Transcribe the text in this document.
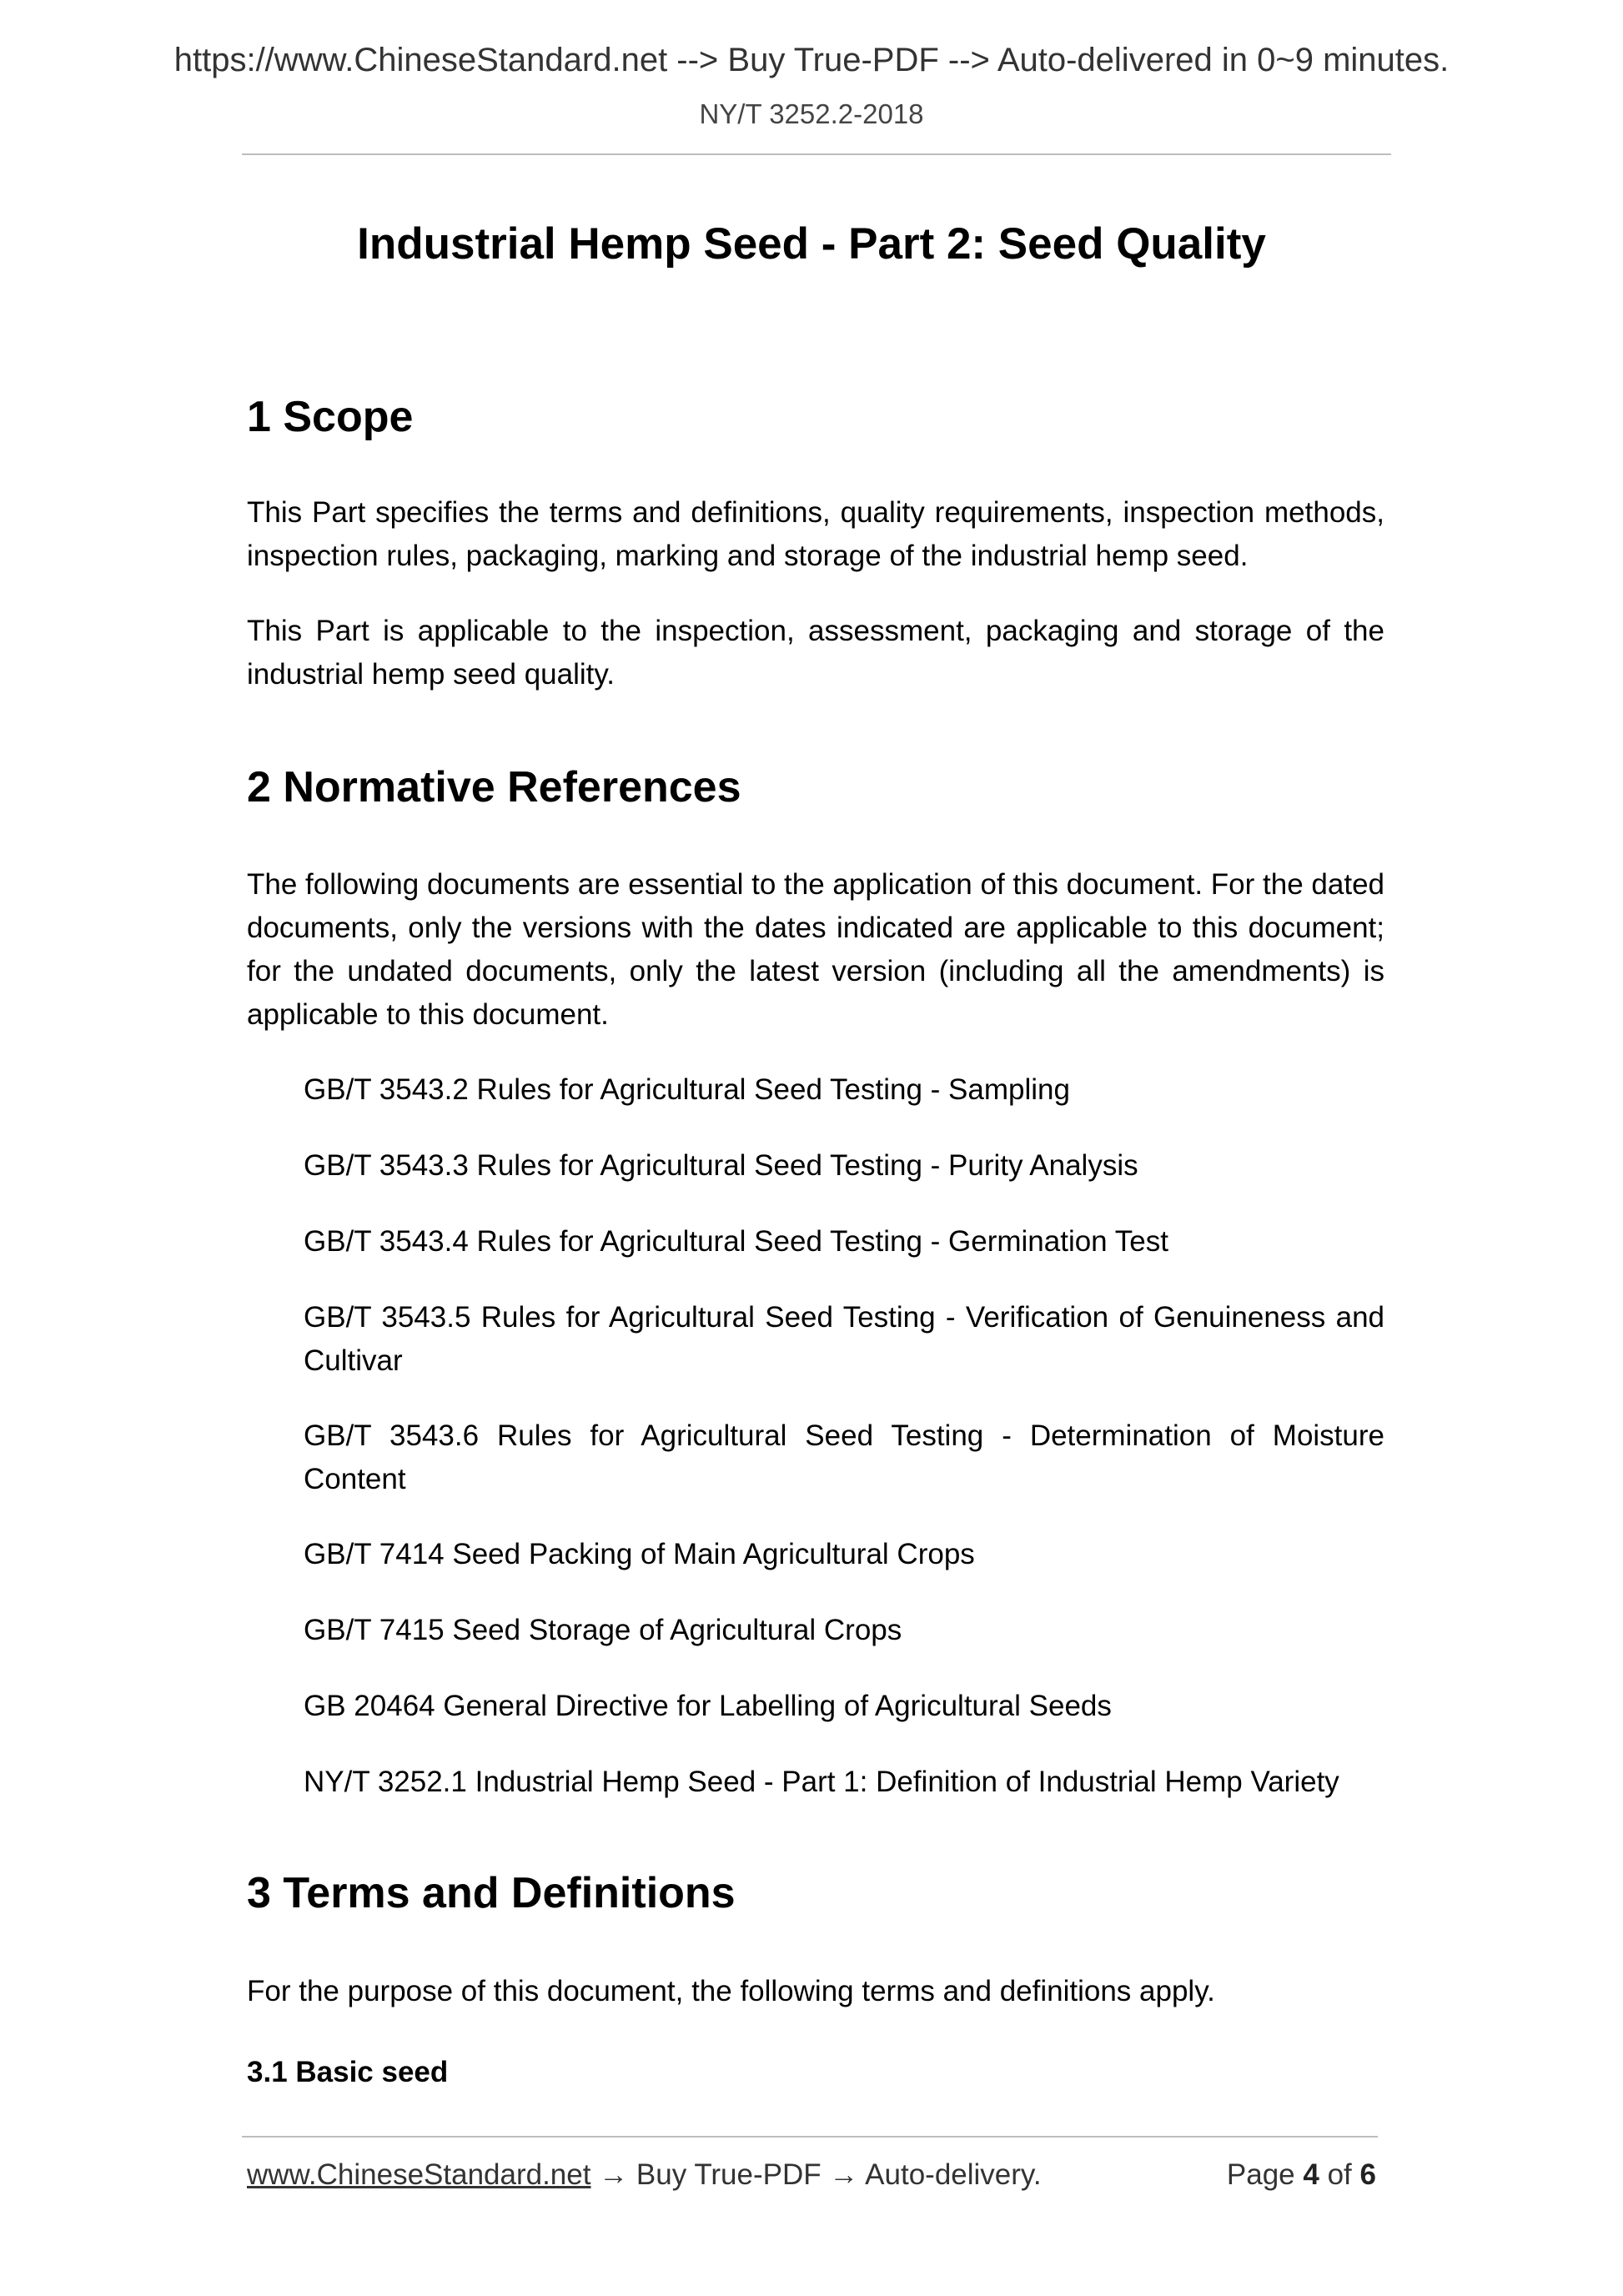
https://www.ChineseStandard.net --> Buy True-PDF --> Auto-delivered in 0~9 minutes.
NY/T 3252.2-2018
Industrial Hemp Seed - Part 2: Seed Quality
1 Scope

This Part specifies the terms and definitions, quality requirements, inspection methods, inspection rules, packaging, marking and storage of the industrial hemp seed.

This Part is applicable to the inspection, assessment, packaging and storage of the industrial hemp seed quality.

2 Normative References

The following documents are essential to the application of this document. For the dated documents, only the versions with the dates indicated are applicable to this document; for the undated documents, only the latest version (including all the amendments) is applicable to this document.

GB/T 3543.2 Rules for Agricultural Seed Testing - Sampling

GB/T 3543.3 Rules for Agricultural Seed Testing - Purity Analysis

GB/T 3543.4 Rules for Agricultural Seed Testing - Germination Test

GB/T 3543.5 Rules for Agricultural Seed Testing - Verification of Genuineness and Cultivar

GB/T 3543.6 Rules for Agricultural Seed Testing - Determination of Moisture Content

GB/T 7414 Seed Packing of Main Agricultural Crops

GB/T 7415 Seed Storage of Agricultural Crops

GB 20464 General Directive for Labelling of Agricultural Seeds

NY/T 3252.1 Industrial Hemp Seed - Part 1: Definition of Industrial Hemp Variety

3 Terms and Definitions

For the purpose of this document, the following terms and definitions apply.

3.1 Basic seed
www.ChineseStandard.net → Buy True-PDF → Auto-delivery.	Page 4 of 6
